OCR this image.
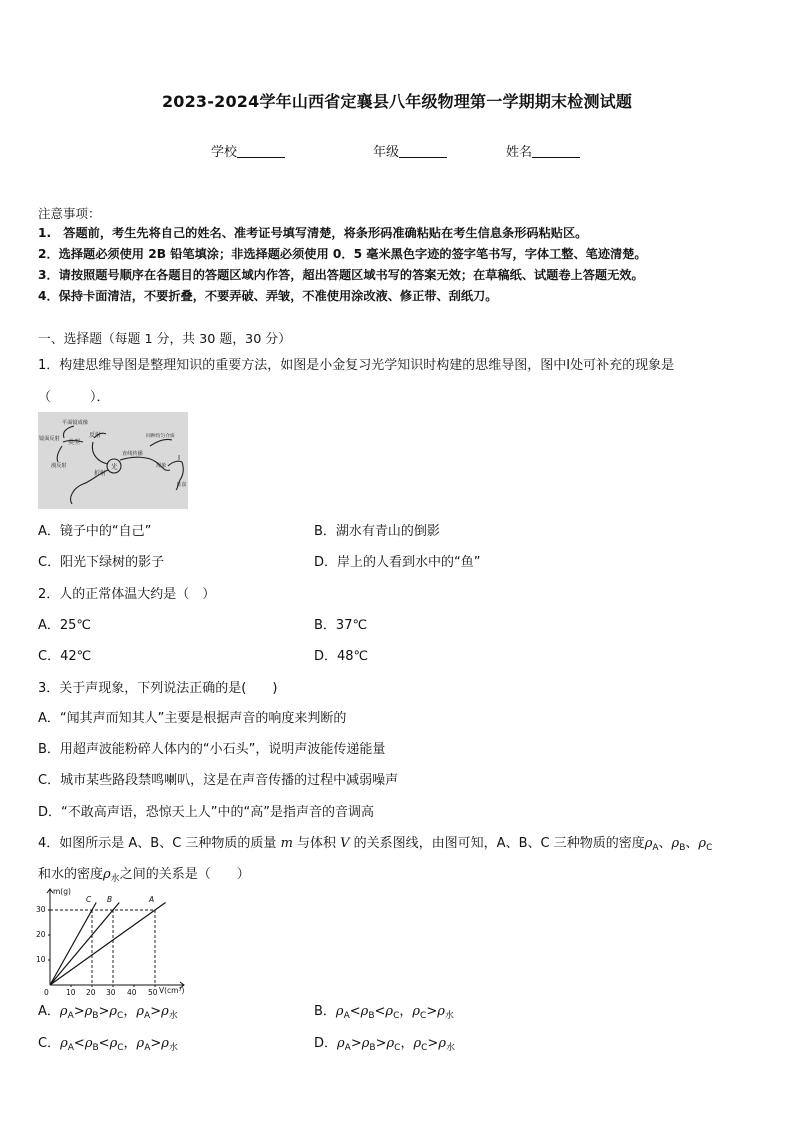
2023-2024学年山西省定襄县八年级物理第一学期期末检测试题
学校	年级	姓名
注意事项：
1.　答题前，考生先将自己的姓名、准考证号填写清楚，将条形码准确粘贴在考生信息条形码粘贴区。
2．选择题必须使用 2B 铅笔填涂；非选择题必须使用 0．5 毫米黑色字迹的签字笔书写，字体工整、笔迹清楚。
3．请按照题号顺序在各题目的答题区域内作答，超出答题区域书写的答案无效；在草稿纸、试题卷上答题无效。
4．保持卡面清洁，不要折叠，不要弄破、弄皱，不准使用涂改液、修正带、刮纸刀。
一、选择题（每题 1 分，共 30 题，30 分）
1．构建思维导图是整理知识的重要方法，如图是小金复习光学知识时构建的思维导图，图中Ⅰ处可补充的现象是
（　　　）．
光
折射
反射
类型
平面镜成像
镜面反射
漫反射
直线传播
同种均匀介质
现象
Ⅰ
日食
A．镜子中的“自己”	B．湖水有青山的倒影
C．阳光下绿树的影子	D．岸上的人看到水中的“鱼”
2．人的正常体温大约是（　）
A．25℃	B．37℃
C．42℃	D．48℃
3．关于声现象，下列说法正确的是(　　)
A．“闻其声而知其人”主要是根据声音的响度来判断的
B．用超声波能粉碎人体内的“小石头”，说明声波能传递能量
C．城市某些路段禁鸣喇叭，这是在声音传播的过程中减弱噪声
D．“不敢高声语，恐惊天上人”中的“高”是指声音的音调高
4．如图所示是 A、B、C 三种物质的质量 m 与体积 V 的关系图线，由图可知，A、B、C 三种物质的密度$\rho_A$、$\rho_B$、$\rho_C$
和水的密度$\rho_水$之间的关系是（　　）
m(g)
V(cm³)
10
20
30
0 10 20 30 40 50
C B	A
A．$\rho_A>\rho_B>\rho_C$，$\rho_A>\rho_水$	B．$\rho_A<\rho_B<\rho_C$，$\rho_C>\rho_水$
C．$\rho_A<\rho_B<\rho_C$，$\rho_A>\rho_水$	D．$\rho_A>\rho_B>\rho_C$，$\rho_C>\rho_水$
